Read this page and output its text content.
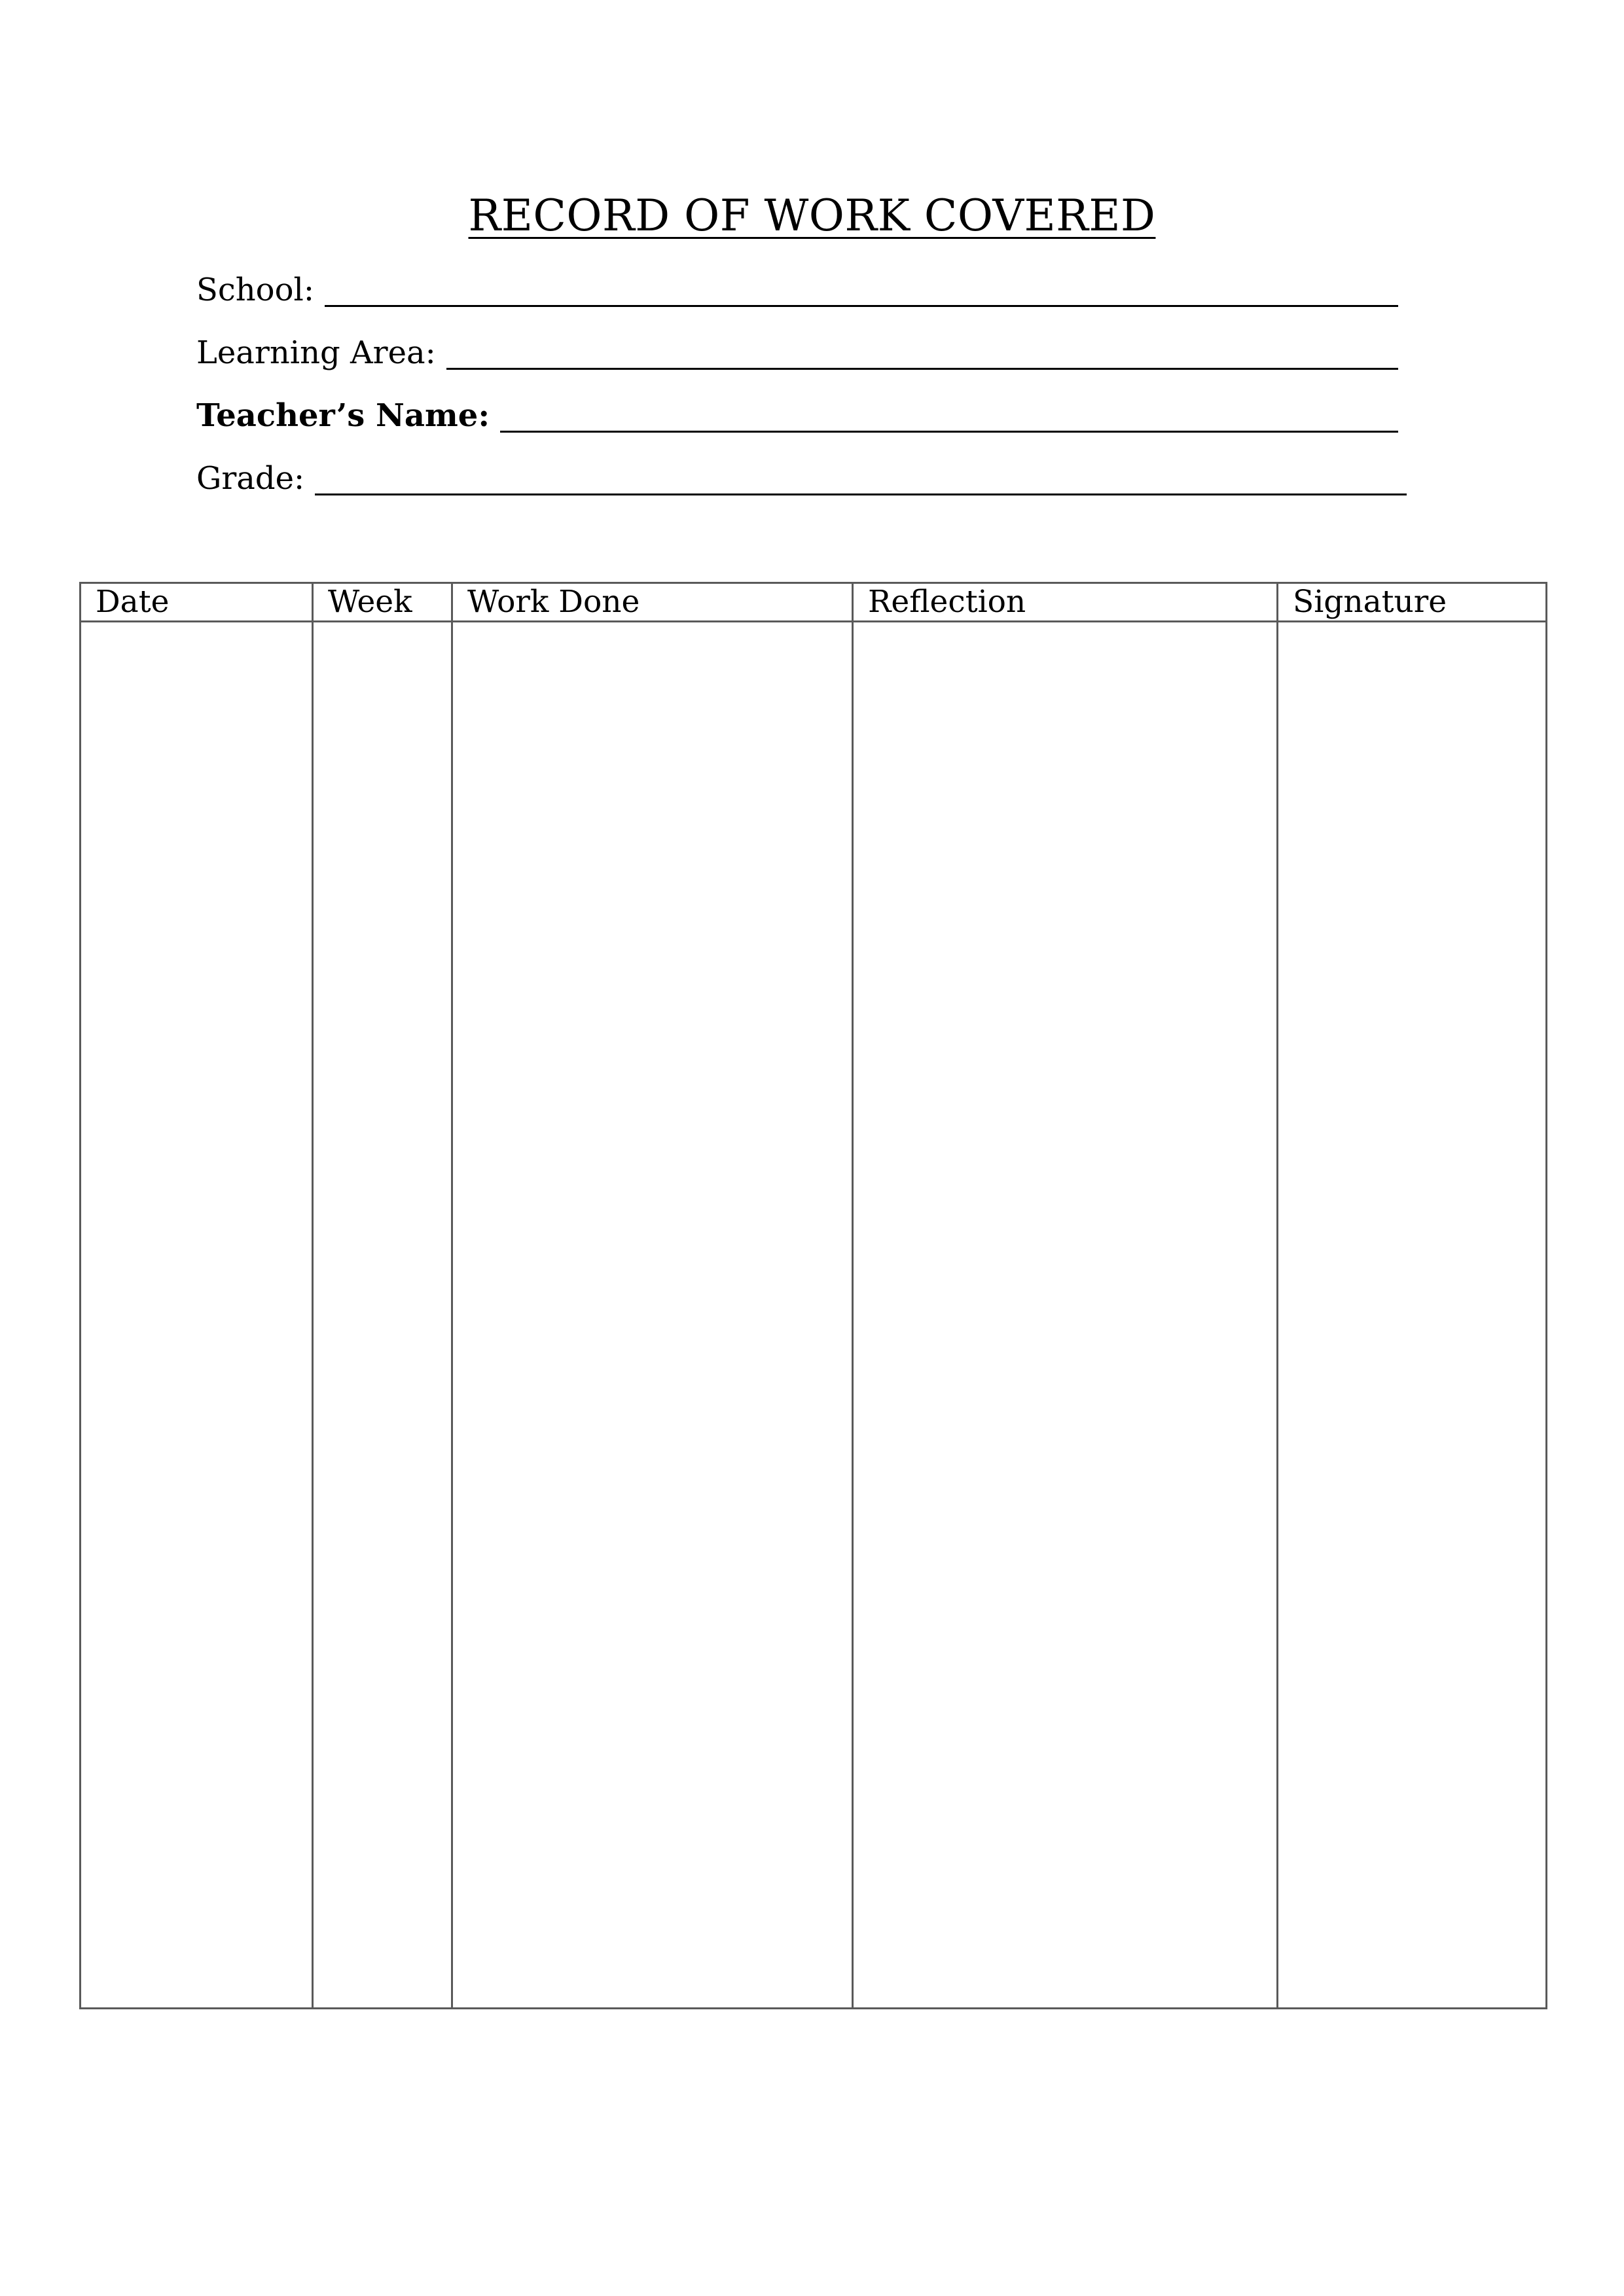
RECORD OF WORK COVERED
School:
Learning Area:
Teacher’s Name:
Grade:
Date	Week	Work Done	Reflection	Signature
